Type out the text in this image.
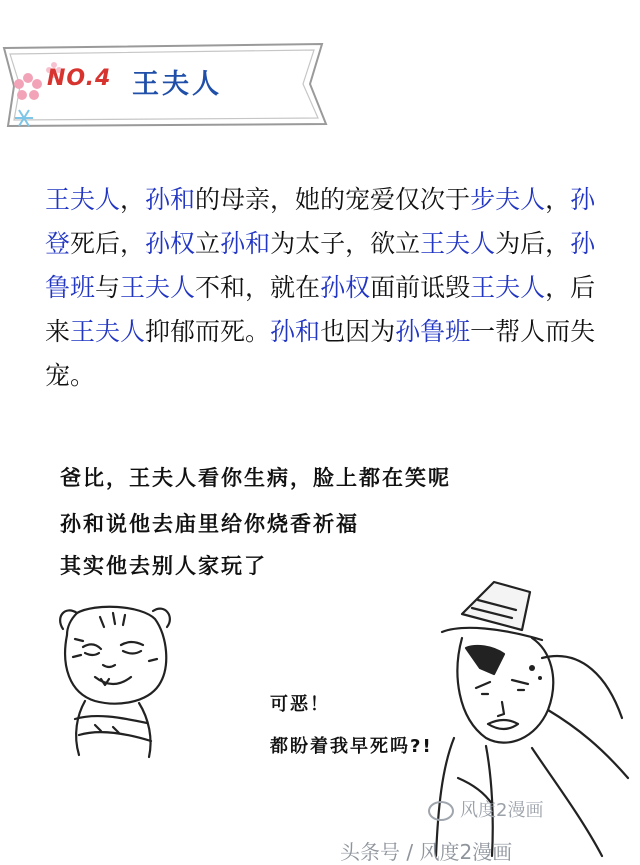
NO.4 王夫人
王夫人，孙和的母亲，她的宠爱仅次于步夫人，孙登死后，孙权立孙和为太子，欲立王夫人为后，孙鲁班与王夫人不和，就在孙权面前诋毁王夫人，后来王夫人抑郁而死。孙和也因为孙鲁班一帮人而失宠。
爸比，王夫人看你生病，脸上都在笑呢
孙和说他去庙里给你烧香祈福
其实他去别人家玩了
可恶！
都盼着我早死吗?!
风度2漫画
头条号 / 风度2漫画
